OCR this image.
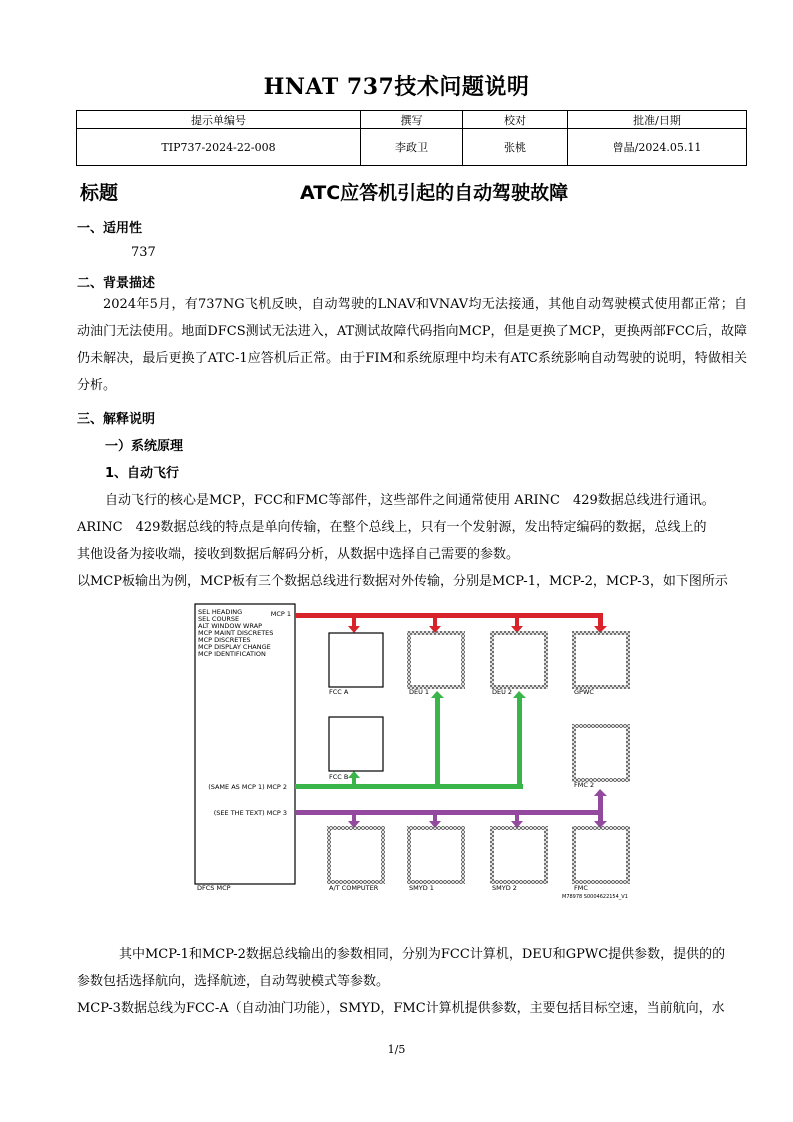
HNAT 737技术问题说明
提示单编号	撰写	校对	批准/日期
TIP737-2024-22-008	李政卫	张桃	曾晶/2024.05.11
标题	ATC应答机引起的自动驾驶故障
一、适用性
737
二、背景描述
2024年5月，有737NG飞机反映，自动驾驶的LNAV和VNAV均无法接通，其他自动驾驶模式使用都正常；自动油门无法使用。地面DFCS测试无法进入，AT测试故障代码指向MCP，但是更换了MCP，更换两部FCC后，故障仍未解决，最后更换了ATC-1应答机后正常。由于FIM和系统原理中均未有ATC系统影响自动驾驶的说明，特做相关分析。
三、解释说明
一）系统原理
1、自动飞行
自动飞行的核心是MCP，FCC和FMC等部件，这些部件之间通常使用 ARINC　429数据总线进行通讯。
ARINC　429数据总线的特点是单向传输，在整个总线上，只有一个发射源，发出特定编码的数据，总线上的
其他设备为接收端，接收到数据后解码分析，从数据中选择自己需要的参数。
以MCP板输出为例，MCP板有三个数据总线进行数据对外传输，分别是MCP-1，MCP-2，MCP-3，如下图所示
SEL HEADING
SEL COURSE
ALT WINDOW WRAP
MCP MAINT DISCRETES
MCP DISCRETES
MCP DISPLAY CHANGE
MCP IDENTIFICATION
MCP 1
(SAME AS MCP 1) MCP 2
(SEE THE TEXT) MCP 3
DFCS MCP
FCC A	DEU 1	DEU 2	GPWC
FCC B
FMC 2
A/T COMPUTER	SMYD 1	SMYD 2	FMC
M78978 S0004622154_V1
其中MCP-1和MCP-2数据总线输出的参数相同，分别为FCC计算机，DEU和GPWC提供参数，提供的的
参数包括选择航向，选择航迹，自动驾驶模式等参数。
MCP-3数据总线为FCC-A（自动油门功能），SMYD，FMC计算机提供参数，主要包括目标空速，当前航向，水
1/5
